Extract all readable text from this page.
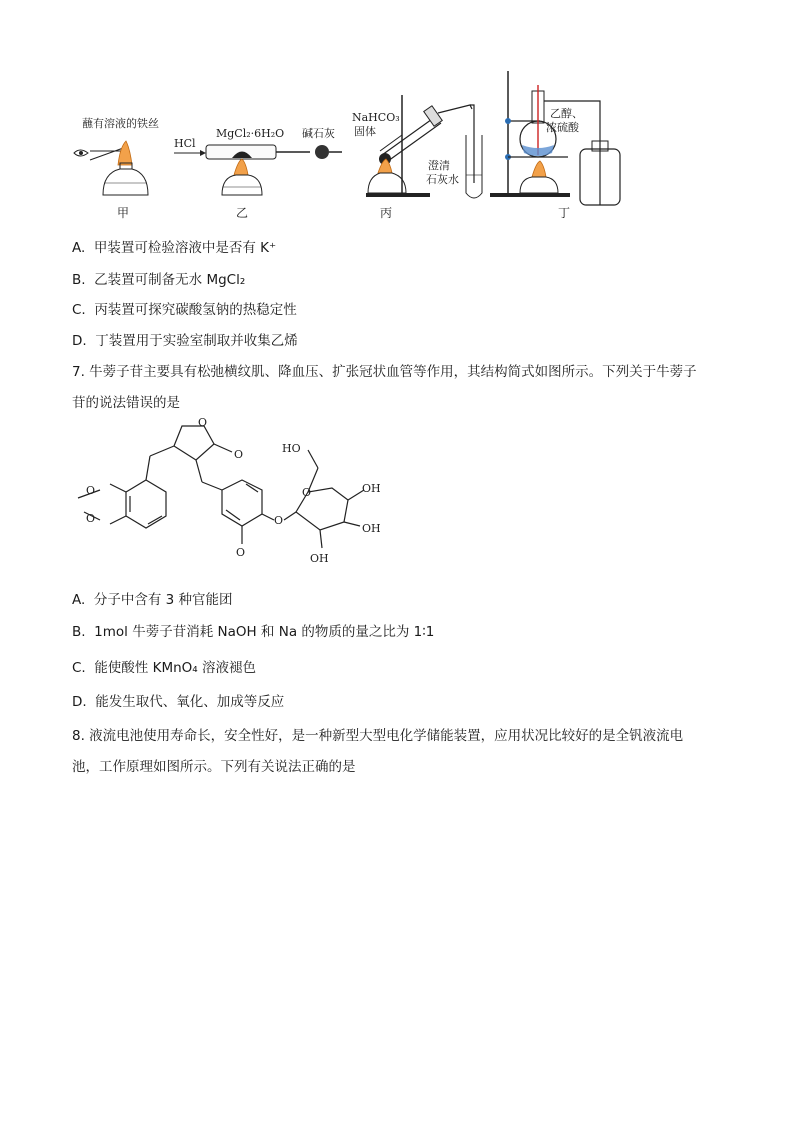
蘸有溶液的铁丝
甲
HCl
MgCl₂·6H₂O 碱石灰
乙
NaHCO₃
固体
澄清
石灰水
丙
乙醇、
浓硫酸
丁
A. 甲装置可检验溶液中是否有 K⁺
B. 乙装置可制备无水 MgCl₂
C. 丙装置可探究碳酸氢钠的热稳定性
D. 丁装置用于实验室制取并收集乙烯
7. 牛蒡子苷主要具有松弛横纹肌、降血压、扩张冠状血管等作用，其结构简式如图所示。下列关于牛蒡子
苷的说法错误的是
O
O
O
O
O
O
O
HO
OH
OH
OH
A. 分子中含有 3 种官能团
B. 1mol 牛蒡子苷消耗 NaOH 和 Na 的物质的量之比为 1∶1
C. 能使酸性 KMnO₄ 溶液褪色
D. 能发生取代、氧化、加成等反应
8. 液流电池使用寿命长，安全性好，是一种新型大型电化学储能装置，应用状况比较好的是全钒液流电
池，工作原理如图所示。下列有关说法正确的是
